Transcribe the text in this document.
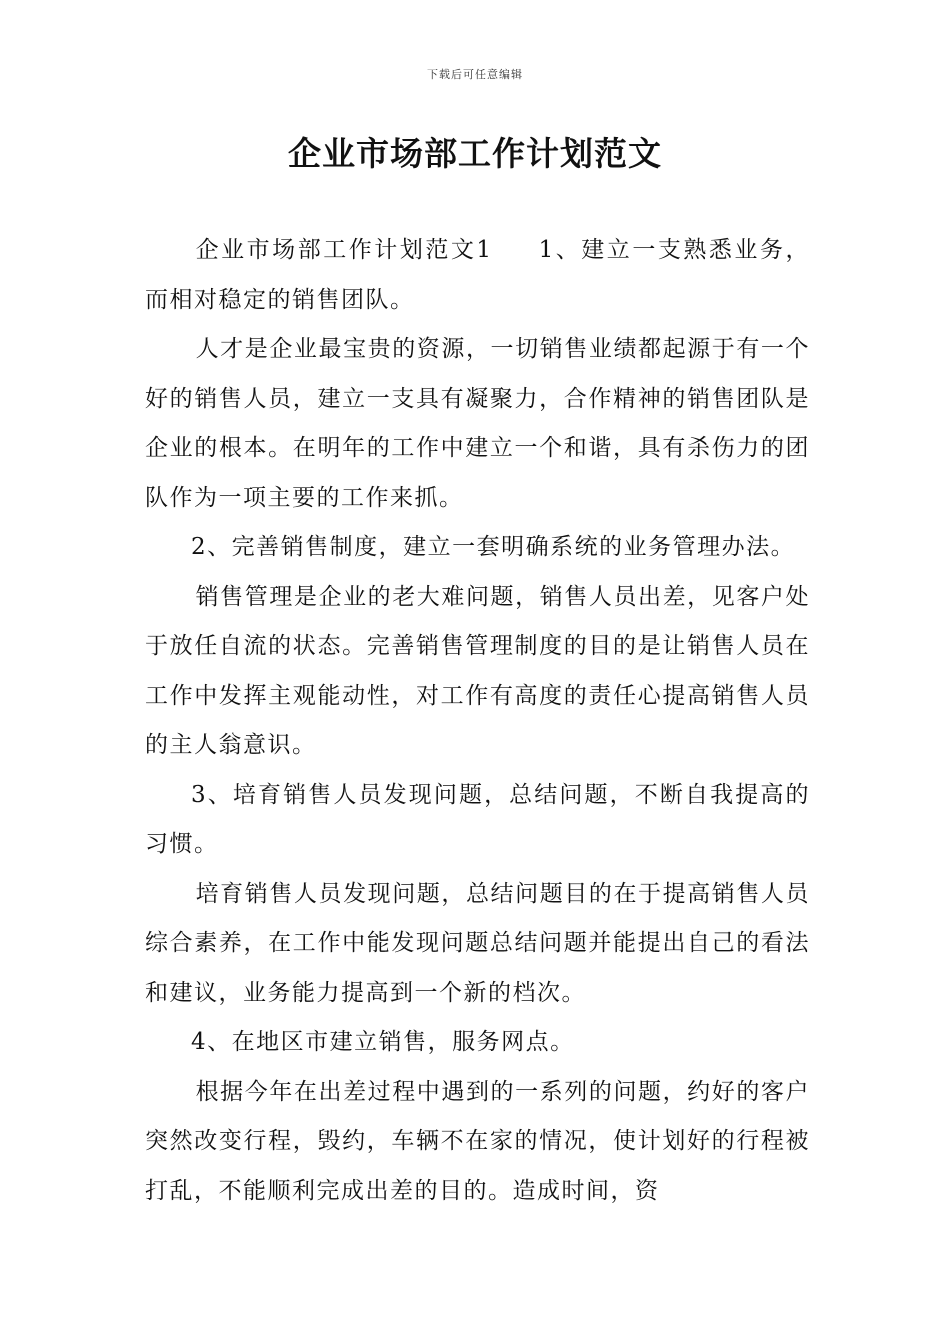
下载后可任意编辑
企业市场部工作计划范文

企业市场部工作计划范文1 1、建立一支熟悉业务，而相对稳定的销售团队。

人才是企业最宝贵的资源，一切销售业绩都起源于有一个好的销售人员，建立一支具有凝聚力，合作精神的销售团队是企业的根本。在明年的工作中建立一个和谐，具有杀伤力的团队作为一项主要的工作来抓。

2、完善销售制度，建立一套明确系统的业务管理办法。

销售管理是企业的老大难问题，销售人员出差，见客户处于放任自流的状态。完善销售管理制度的目的是让销售人员在工作中发挥主观能动性，对工作有高度的责任心提高销售人员的主人翁意识。

3、培育销售人员发现问题，总结问题，不断自我提高的习惯。

培育销售人员发现问题，总结问题目的在于提高销售人员综合素养，在工作中能发现问题总结问题并能提出自己的看法和建议，业务能力提高到一个新的档次。

4、在地区市建立销售，服务网点。

根据今年在出差过程中遇到的一系列的问题，约好的客户突然改变行程，毁约，车辆不在家的情况，使计划好的行程被打乱，不能顺利完成出差的目的。造成时间，资
